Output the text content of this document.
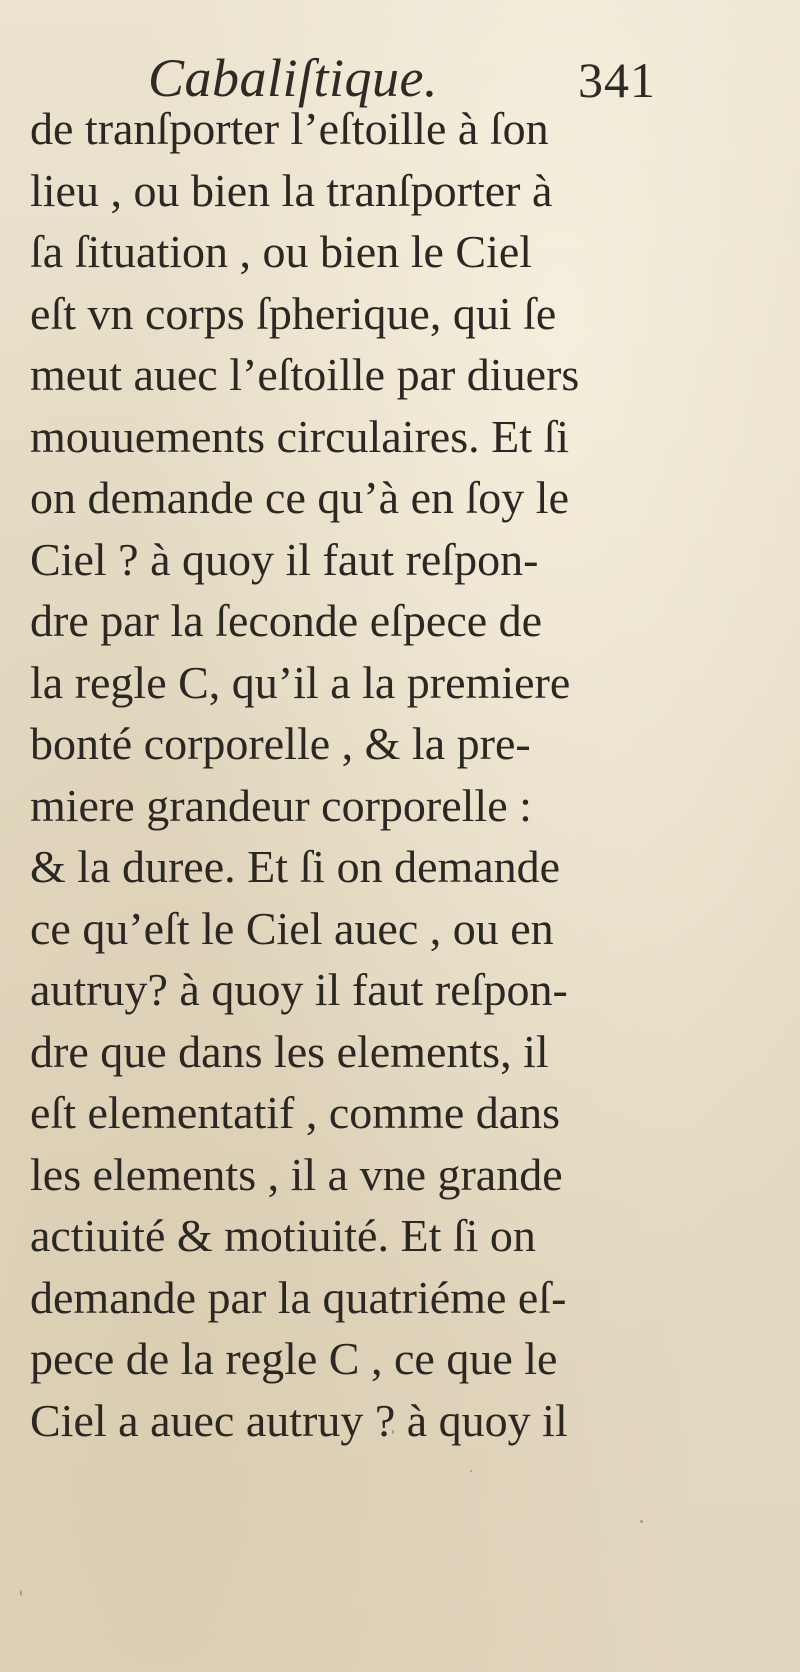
Cabaliſtique.	341
de tranſporter l’eſtoille à ſon
lieu , ou bien la tranſporter à
ſa ſituation , ou bien le Ciel
eſt vn corps ſpherique, qui ſe
meut auec l’eſtoille par diuers
mouuements circulaires. Et ſi
on demande ce qu’à en ſoy le
Ciel ? à quoy il faut reſpon-
dre par la ſeconde eſpece de
la regle C, qu’il a la premiere
bonté corporelle , & la pre-
miere grandeur corporelle :
& la duree. Et ſi on demande
ce qu’eſt le Ciel auec , ou en
autruy? à quoy il faut reſpon-
dre que dans les elements, il
eſt elementatif , comme dans
les elements , il a vne grande
actiuité & motiuité. Et ſi on
demande par la quatriéme eſ-
pece de la regle C , ce que le
Ciel a auec autruy ? à quoy il
